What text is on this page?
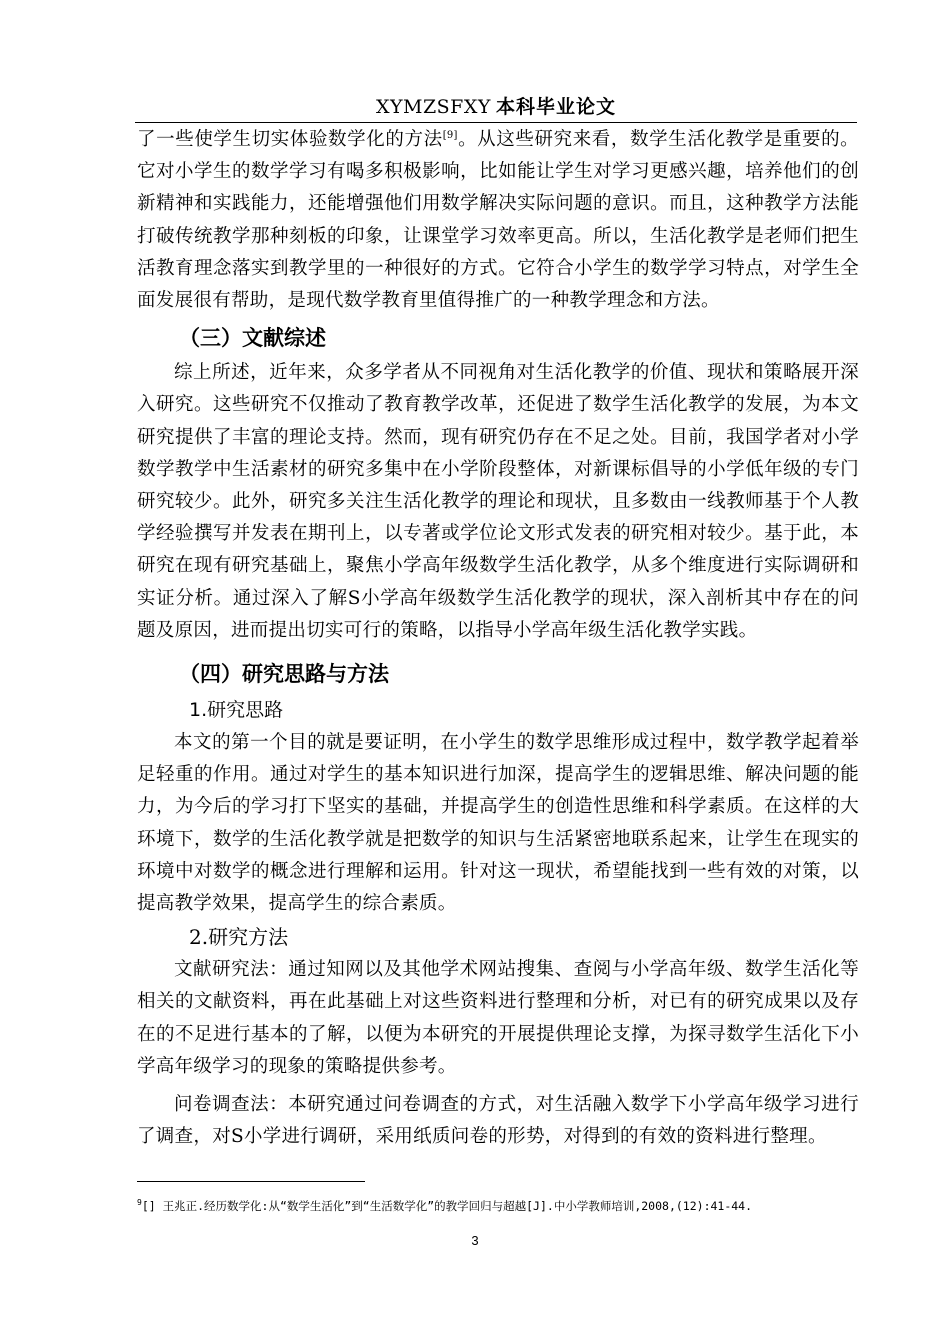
XYMZSFXY 本科毕业论文

了一些使学生切实体验数学化的方法[9]。从这些研究来看，数学生活化教学是重要的。它对小学生的数学学习有喝多积极影响，比如能让学生对学习更感兴趣，培养他们的创新精神和实践能力，还能增强他们用数学解决实际问题的意识。而且，这种教学方法能打破传统教学那种刻板的印象，让课堂学习效率更高。所以，生活化教学是老师们把生活教育理念落实到教学里的一种很好的方式。它符合小学生的数学学习特点，对学生全面发展很有帮助，是现代数学教育里值得推广的一种教学理念和方法。

（三）文献综述

综上所述，近年来，众多学者从不同视角对生活化教学的价值、现状和策略展开深入研究。这些研究不仅推动了教育教学改革，还促进了数学生活化教学的发展，为本文研究提供了丰富的理论支持。然而，现有研究仍存在不足之处。目前，我国学者对小学数学教学中生活素材的研究多集中在小学阶段整体，对新课标倡导的小学低年级的专门研究较少。此外，研究多关注生活化教学的理论和现状，且多数由一线教师基于个人教学经验撰写并发表在期刊上，以专著或学位论文形式发表的研究相对较少。基于此，本研究在现有研究基础上，聚焦小学高年级数学生活化教学，从多个维度进行实际调研和实证分析。通过深入了解S小学高年级数学生活化教学的现状，深入剖析其中存在的问题及原因，进而提出切实可行的策略，以指导小学高年级生活化教学实践。

（四）研究思路与方法
1.研究思路

本文的第一个目的就是要证明，在小学生的数学思维形成过程中，数学教学起着举足轻重的作用。通过对学生的基本知识进行加深，提高学生的逻辑思维、解决问题的能力，为今后的学习打下坚实的基础，并提高学生的创造性思维和科学素质。在这样的大环境下，数学的生活化教学就是把数学的知识与生活紧密地联系起来，让学生在现实的环境中对数学的概念进行理解和运用。针对这一现状，希望能找到一些有效的对策，以提高教学效果，提高学生的综合素质。

2.研究方法

文献研究法：通过知网以及其他学术网站搜集、查阅与小学高年级、数学生活化等相关的文献资料，再在此基础上对这些资料进行整理和分析，对已有的研究成果以及存在的不足进行基本的了解，以便为本研究的开展提供理论支撑，为探寻数学生活化下小学高年级学习的现象的策略提供参考。

问卷调查法：本研究通过问卷调查的方式，对生活融入数学下小学高年级学习进行了调查，对S小学进行调研，采用纸质问卷的形势，对得到的有效的资料进行整理。

$^9$[] 王兆正.经历数学化:从“数学生活化”到“生活数学化”的教学回归与超越[J].中小学教师培训,2008,(12):41-44.
3
